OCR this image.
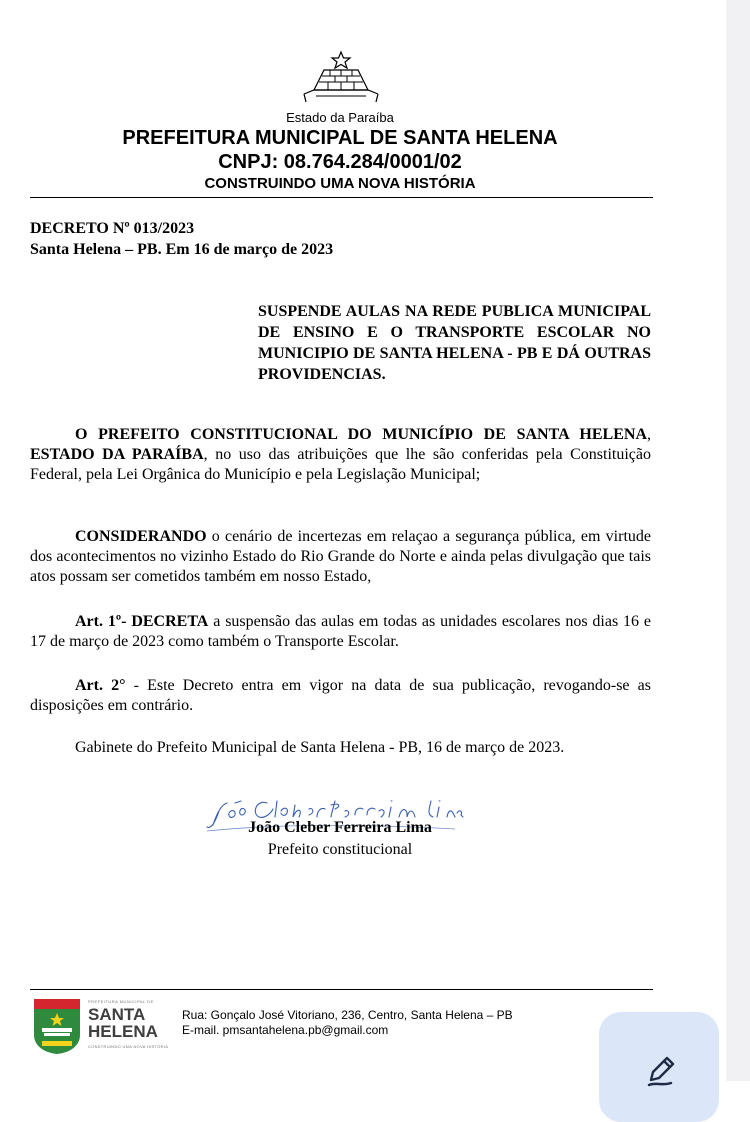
Estado da Paraíba
PREFEITURA MUNICIPAL DE SANTA HELENA
CNPJ: 08.764.284/0001/02
CONSTRUINDO UMA NOVA HISTÓRIA
DECRETO Nº 013/2023
Santa Helena – PB. Em 16 de março de 2023
SUSPENDE AULAS NA REDE PUBLICA MUNICIPAL DE ENSINO E O TRANSPORTE ESCOLAR NO MUNICIPIO DE SANTA HELENA - PB E DÁ OUTRAS PROVIDENCIAS.
O PREFEITO CONSTITUCIONAL DO MUNICÍPIO DE SANTA HELENA, ESTADO DA PARAÍBA, no uso das atribuições que lhe são conferidas pela Constituição Federal, pela Lei Orgânica do Município e pela Legislação Municipal;
CONSIDERANDO o cenário de incertezas em relaçao a segurança pública, em virtude dos acontecimentos no vizinho Estado do Rio Grande do Norte e ainda pelas divulgação que tais atos possam ser cometidos também em nosso Estado,
Art. 1º- DECRETA a suspensão das aulas em todas as unidades escolares nos dias 16 e 17 de março de 2023 como também o Transporte Escolar.
Art. 2° - Este Decreto entra em vigor na data de sua publicação, revogando-se as disposições em contrário.
Gabinete do Prefeito Municipal de Santa Helena - PB, 16 de março de 2023.
João Cleber Ferreira Lima
Prefeito constitucional
PREFEITURA MUNICIPAL DE
SANTA
HELENA
CONSTRUINDO UMA NOVA HISTÓRIA
Rua: Gonçalo José Vitoriano, 236, Centro, Santa Helena – PB
E-mail. pmsantahelena.pb@gmail.com
